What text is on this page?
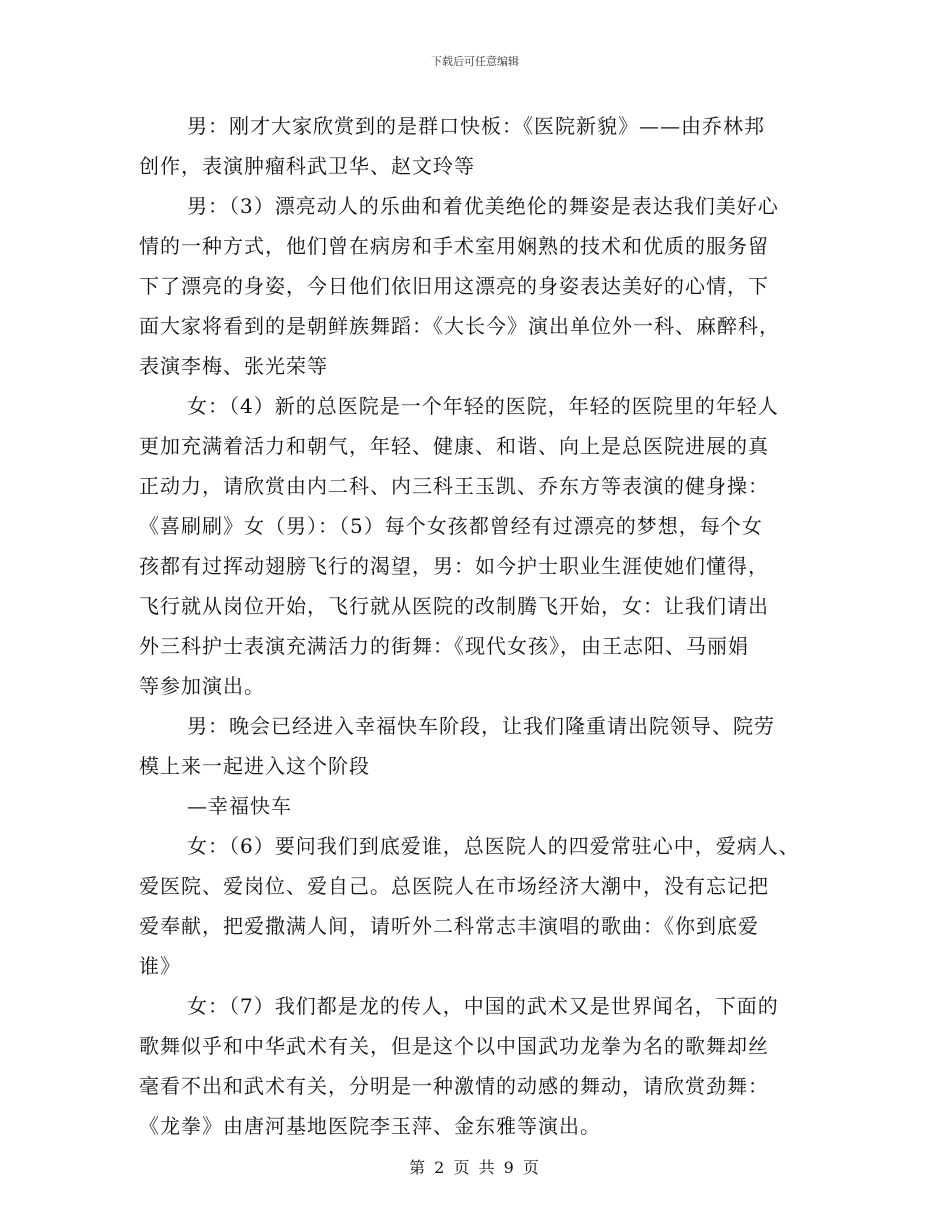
下载后可任意编辑
男：刚才大家欣赏到的是群口快板：《医院新貌》——由乔林邦
创作，表演肿瘤科武卫华、赵文玲等
男：（3）漂亮动人的乐曲和着优美绝伦的舞姿是表达我们美好心
情的一种方式，他们曾在病房和手术室用娴熟的技术和优质的服务留
下了漂亮的身姿，今日他们依旧用这漂亮的身姿表达美好的心情，下
面大家将看到的是朝鲜族舞蹈：《大长今》演出单位外一科、麻醉科，
表演李梅、张光荣等
女：（4）新的总医院是一个年轻的医院，年轻的医院里的年轻人
更加充满着活力和朝气，年轻、健康、和谐、向上是总医院进展的真
正动力，请欣赏由内二科、内三科王玉凯、乔东方等表演的健身操：
《喜刷刷》女（男）：（5）每个女孩都曾经有过漂亮的梦想，每个女
孩都有过挥动翅膀飞行的渴望，男：如今护士职业生涯使她们懂得，
飞行就从岗位开始，飞行就从医院的改制腾飞开始，女：让我们请出
外三科护士表演充满活力的街舞：《现代女孩》，由王志阳、马丽娟
等参加演出。
男：晚会已经进入幸福快车阶段，让我们隆重请出院领导、院劳
模上来一起进入这个阶段
—幸福快车
女：（6）要问我们到底爱谁，总医院人的四爱常驻心中，爱病人、
爱医院、爱岗位、爱自己。总医院人在市场经济大潮中，没有忘记把
爱奉献，把爱撒满人间，请听外二科常志丰演唱的歌曲：《你到底爱
谁》
女：（7）我们都是龙的传人，中国的武术又是世界闻名，下面的
歌舞似乎和中华武术有关，但是这个以中国武功龙拳为名的歌舞却丝
毫看不出和武术有关，分明是一种激情的动感的舞动，请欣赏劲舞：
《龙拳》由唐河基地医院李玉萍、金东雅等演出。
第 2 页 共 9 页
